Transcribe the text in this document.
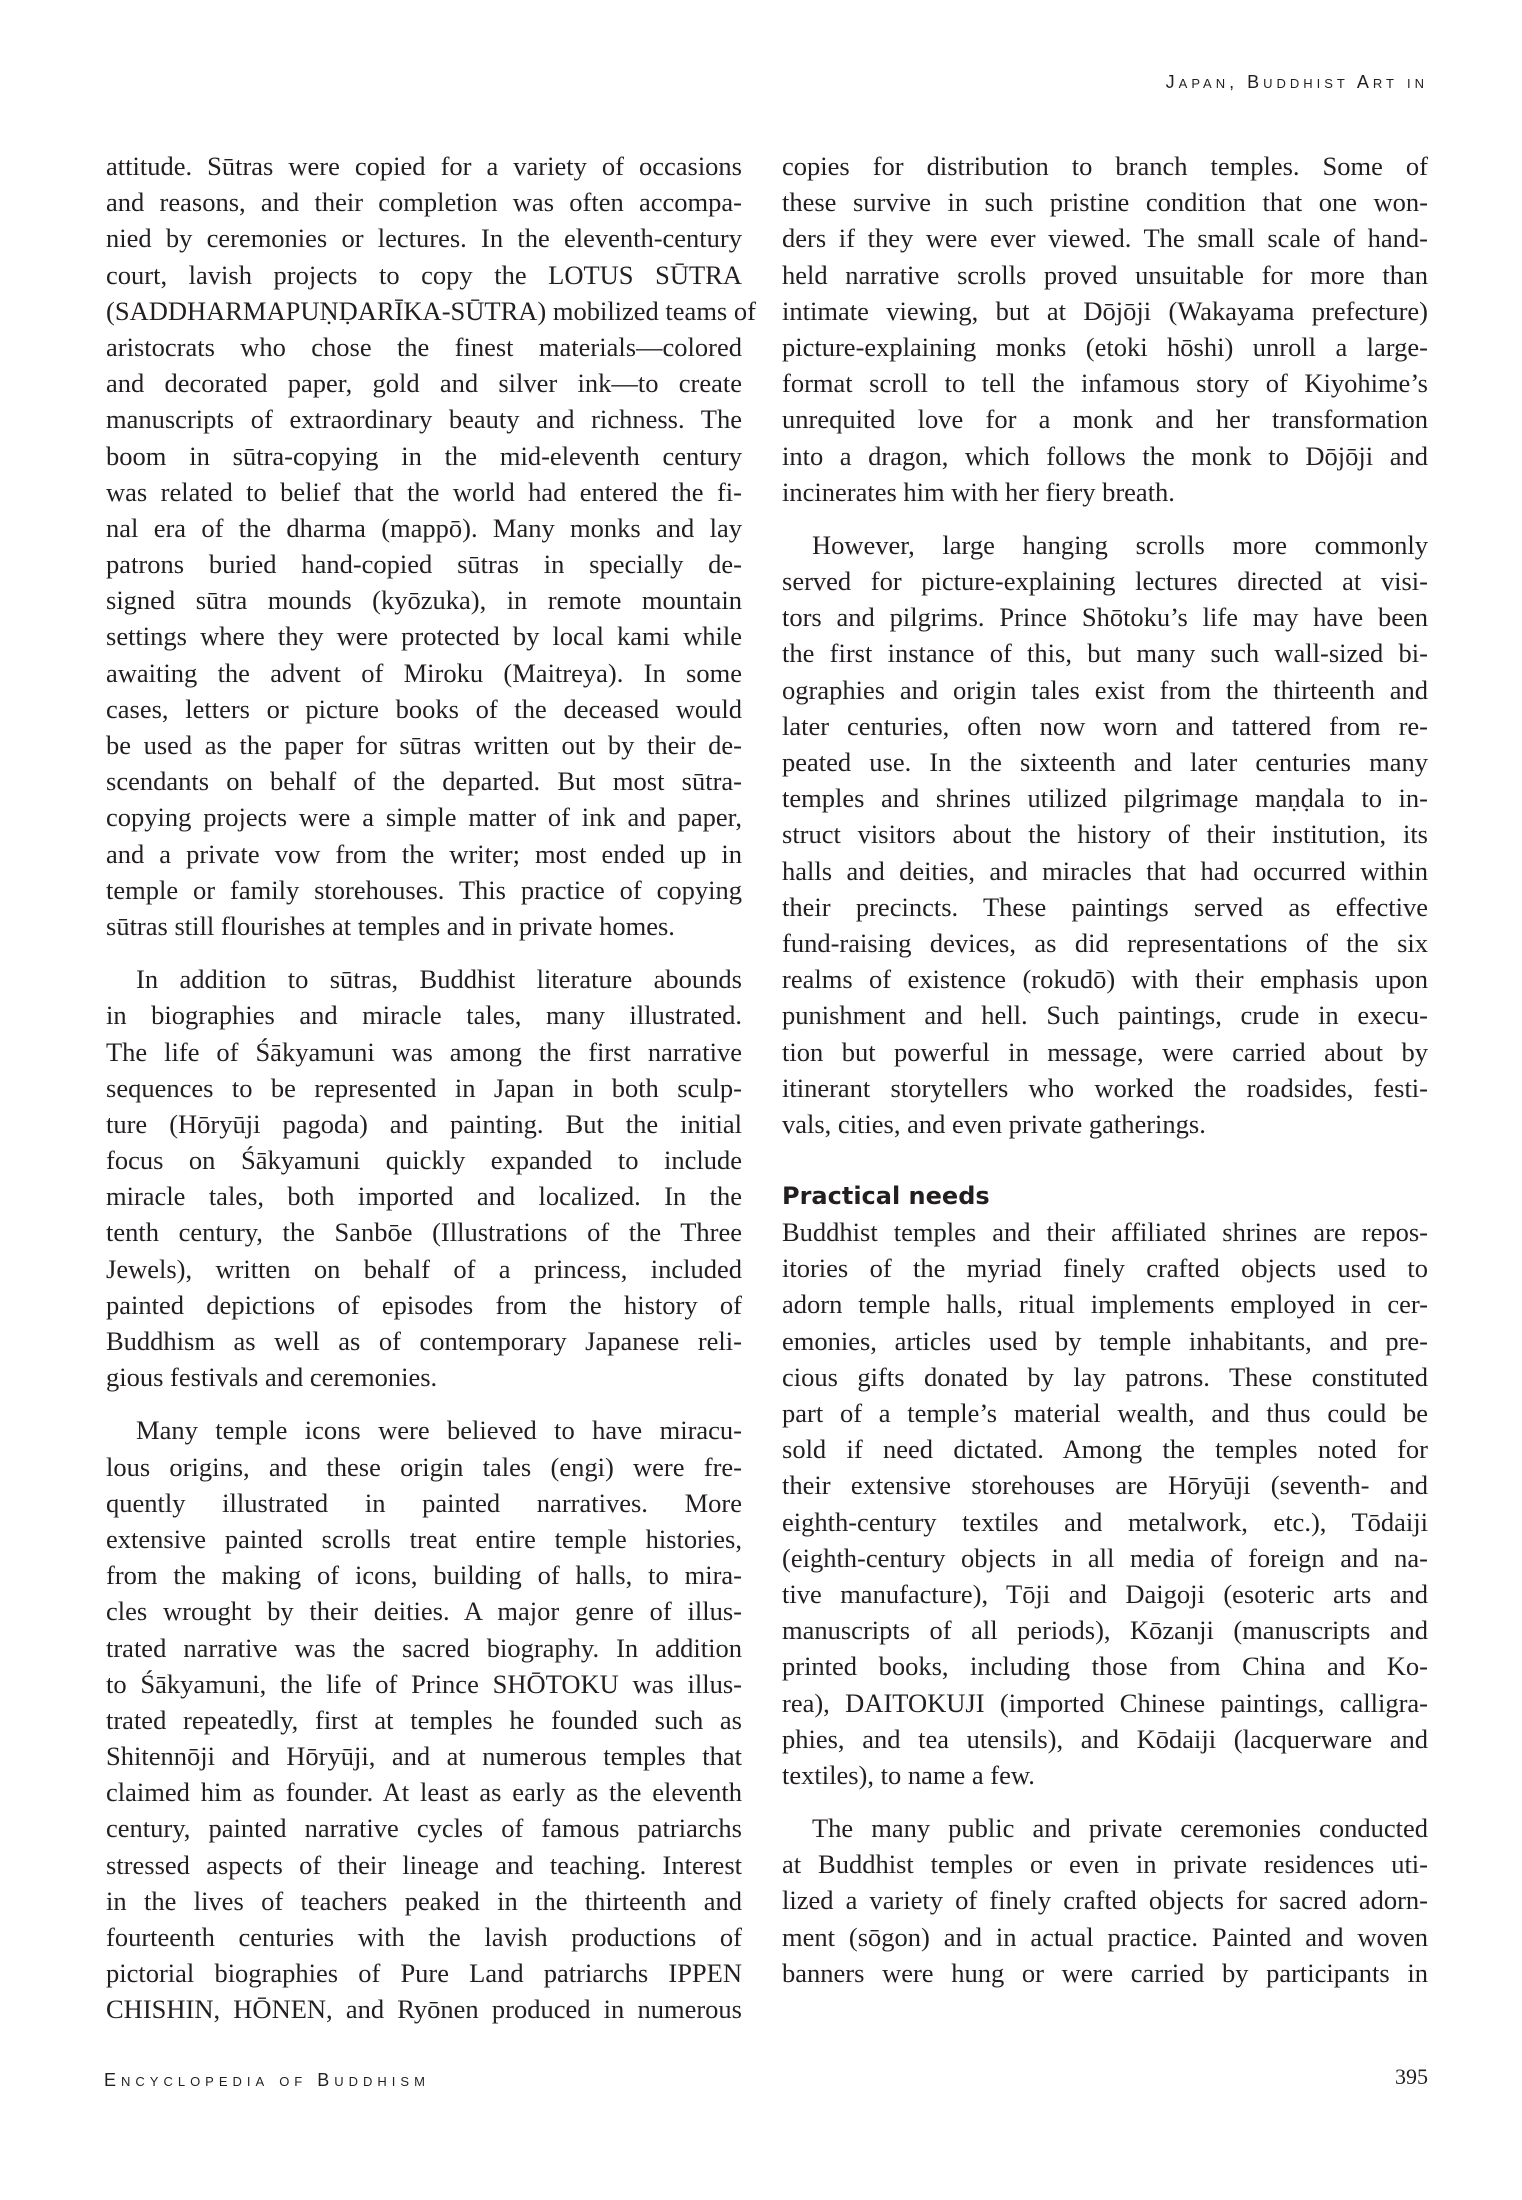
Japan, Buddhist Art in
attitude. Sūtras were copied for a variety of occasions
and reasons, and their completion was often accompa-
nied by ceremonies or lectures. In the eleventh-century
court, lavish projects to copy the LOTUS SŪTRA
(SADDHARMAPUṆḌARĪKA-SŪTRA) mobilized teams of
aristocrats who chose the finest materials—colored
and decorated paper, gold and silver ink—to create
manuscripts of extraordinary beauty and richness. The
boom in sūtra-copying in the mid-eleventh century
was related to belief that the world had entered the fi-
nal era of the dharma (mappō). Many monks and lay
patrons buried hand-copied sūtras in specially de-
signed sūtra mounds (kyōzuka), in remote mountain
settings where they were protected by local kami while
awaiting the advent of Miroku (Maitreya). In some
cases, letters or picture books of the deceased would
be used as the paper for sūtras written out by their de-
scendants on behalf of the departed. But most sūtra-
copying projects were a simple matter of ink and paper,
and a private vow from the writer; most ended up in
temple or family storehouses. This practice of copying
sūtras still flourishes at temples and in private homes.
In addition to sūtras, Buddhist literature abounds
in biographies and miracle tales, many illustrated.
The life of Śākyamuni was among the first narrative
sequences to be represented in Japan in both sculp-
ture (Hōryūji pagoda) and painting. But the initial
focus on Śākyamuni quickly expanded to include
miracle tales, both imported and localized. In the
tenth century, the Sanbōe (Illustrations of the Three
Jewels), written on behalf of a princess, included
painted depictions of episodes from the history of
Buddhism as well as of contemporary Japanese reli-
gious festivals and ceremonies.
Many temple icons were believed to have miracu-
lous origins, and these origin tales (engi) were fre-
quently illustrated in painted narratives. More
extensive painted scrolls treat entire temple histories,
from the making of icons, building of halls, to mira-
cles wrought by their deities. A major genre of illus-
trated narrative was the sacred biography. In addition
to Śākyamuni, the life of Prince SHŌTOKU was illus-
trated repeatedly, first at temples he founded such as
Shitennōji and Hōryūji, and at numerous temples that
claimed him as founder. At least as early as the eleventh
century, painted narrative cycles of famous patriarchs
stressed aspects of their lineage and teaching. Interest
in the lives of teachers peaked in the thirteenth and
fourteenth centuries with the lavish productions of
pictorial biographies of Pure Land patriarchs IPPEN
CHISHIN, HŌNEN, and Ryōnen produced in numerous
copies for distribution to branch temples. Some of
these survive in such pristine condition that one won-
ders if they were ever viewed. The small scale of hand-
held narrative scrolls proved unsuitable for more than
intimate viewing, but at Dōjōji (Wakayama prefecture)
picture-explaining monks (etoki hōshi) unroll a large-
format scroll to tell the infamous story of Kiyohime’s
unrequited love for a monk and her transformation
into a dragon, which follows the monk to Dōjōji and
incinerates him with her fiery breath.
However, large hanging scrolls more commonly
served for picture-explaining lectures directed at visi-
tors and pilgrims. Prince Shōtoku’s life may have been
the first instance of this, but many such wall-sized bi-
ographies and origin tales exist from the thirteenth and
later centuries, often now worn and tattered from re-
peated use. In the sixteenth and later centuries many
temples and shrines utilized pilgrimage maṇḍala to in-
struct visitors about the history of their institution, its
halls and deities, and miracles that had occurred within
their precincts. These paintings served as effective
fund-raising devices, as did representations of the six
realms of existence (rokudō) with their emphasis upon
punishment and hell. Such paintings, crude in execu-
tion but powerful in message, were carried about by
itinerant storytellers who worked the roadsides, festi-
vals, cities, and even private gatherings.
Practical needs
Buddhist temples and their affiliated shrines are repos-
itories of the myriad finely crafted objects used to
adorn temple halls, ritual implements employed in cer-
emonies, articles used by temple inhabitants, and pre-
cious gifts donated by lay patrons. These constituted
part of a temple’s material wealth, and thus could be
sold if need dictated. Among the temples noted for
their extensive storehouses are Hōryūji (seventh- and
eighth-century textiles and metalwork, etc.), Tōdaiji
(eighth-century objects in all media of foreign and na-
tive manufacture), Tōji and Daigoji (esoteric arts and
manuscripts of all periods), Kōzanji (manuscripts and
printed books, including those from China and Ko-
rea), DAITOKUJI (imported Chinese paintings, calligra-
phies, and tea utensils), and Kōdaiji (lacquerware and
textiles), to name a few.
The many public and private ceremonies conducted
at Buddhist temples or even in private residences uti-
lized a variety of finely crafted objects for sacred adorn-
ment (sōgon) and in actual practice. Painted and woven
banners were hung or were carried by participants in
Encyclopedia of Buddhism	395
